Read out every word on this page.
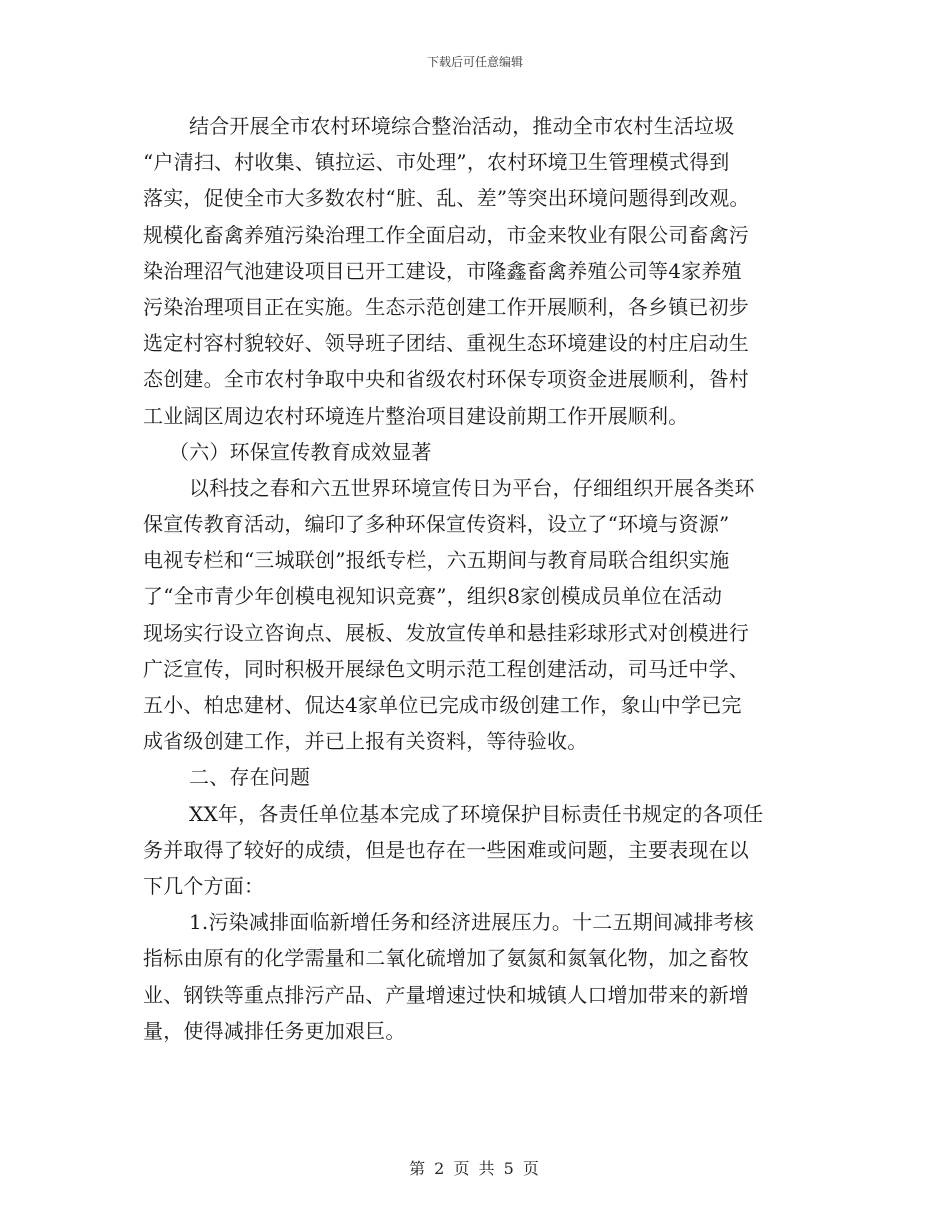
下载后可任意编辑
结合开展全市农村环境综合整治活动，推动全市农村生活垃圾
“户清扫、村收集、镇拉运、市处理”，农村环境卫生管理模式得到
落实，促使全市大多数农村“脏、乱、差”等突出环境问题得到改观。
规模化畜禽养殖污染治理工作全面启动，市金来牧业有限公司畜禽污
染治理沼气池建设项目已开工建设，市隆鑫畜禽养殖公司等4家养殖
污染治理项目正在实施。生态示范创建工作开展顺利，各乡镇已初步
选定村容村貌较好、领导班子团结、重视生态环境建设的村庄启动生
态创建。全市农村争取中央和省级农村环保专项资金进展顺利，昝村
工业阔区周边农村环境连片整治项目建设前期工作开展顺利。
（六）环保宣传教育成效显著
以科技之春和六五世界环境宣传日为平台，仔细组织开展各类环
保宣传教育活动，编印了多种环保宣传资料，设立了“环境与资源”
电视专栏和“三城联创”报纸专栏，六五期间与教育局联合组织实施
了“全市青少年创模电视知识竞赛”，组织8家创模成员单位在活动
现场实行设立咨询点、展板、发放宣传单和悬挂彩球形式对创模进行
广泛宣传，同时积极开展绿色文明示范工程创建活动，司马迁中学、
五小、柏忠建材、侃达4家单位已完成市级创建工作，象山中学已完
成省级创建工作，并已上报有关资料，等待验收。
二、存在问题
XX年，各责任单位基本完成了环境保护目标责任书规定的各项任
务并取得了较好的成绩，但是也存在一些困难或问题，主要表现在以
下几个方面：
1.污染减排面临新增任务和经济进展压力。十二五期间减排考核
指标由原有的化学需量和二氧化硫增加了氨氮和氮氧化物，加之畜牧
业、钢铁等重点排污产品、产量增速过快和城镇人口增加带来的新增
量，使得减排任务更加艰巨。
第 2 页 共 5 页
